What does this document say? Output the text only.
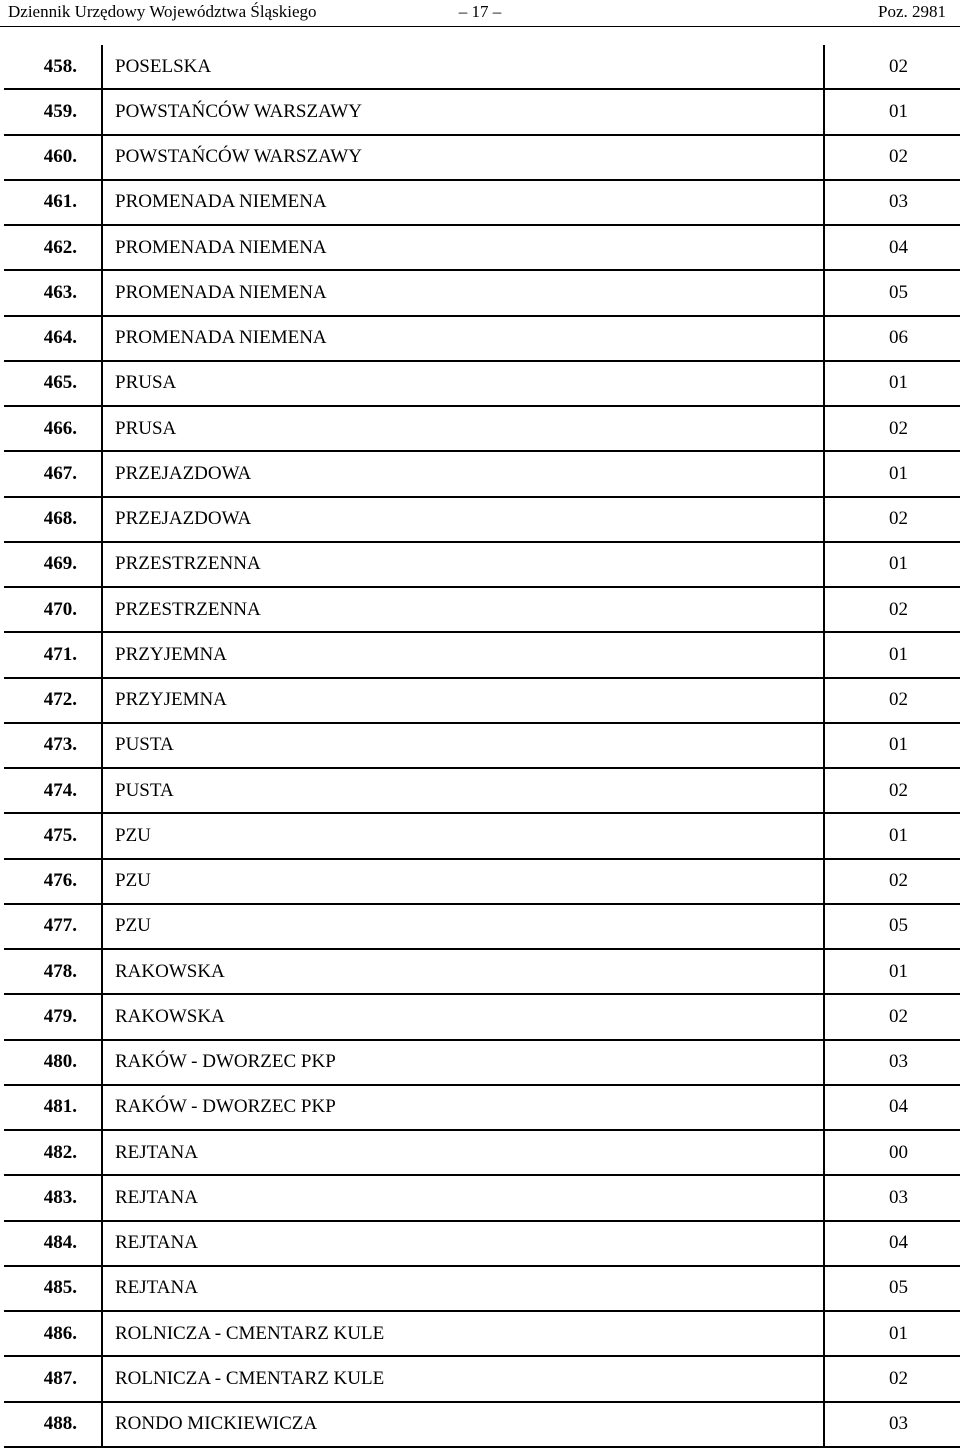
Dziennik Urzędowy Województwa Śląskiego	– 17 –	Poz. 2981
458.	POSELSKA	02
459.	POWSTAŃCÓW WARSZAWY	01
460.	POWSTAŃCÓW WARSZAWY	02
461.	PROMENADA NIEMENA	03
462.	PROMENADA NIEMENA	04
463.	PROMENADA NIEMENA	05
464.	PROMENADA NIEMENA	06
465.	PRUSA	01
466.	PRUSA	02
467.	PRZEJAZDOWA	01
468.	PRZEJAZDOWA	02
469.	PRZESTRZENNA	01
470.	PRZESTRZENNA	02
471.	PRZYJEMNA	01
472.	PRZYJEMNA	02
473.	PUSTA	01
474.	PUSTA	02
475.	PZU	01
476.	PZU	02
477.	PZU	05
478.	RAKOWSKA	01
479.	RAKOWSKA	02
480.	RAKÓW - DWORZEC PKP	03
481.	RAKÓW - DWORZEC PKP	04
482.	REJTANA	00
483.	REJTANA	03
484.	REJTANA	04
485.	REJTANA	05
486.	ROLNICZA - CMENTARZ KULE	01
487.	ROLNICZA - CMENTARZ KULE	02
488.	RONDO MICKIEWICZA	03
